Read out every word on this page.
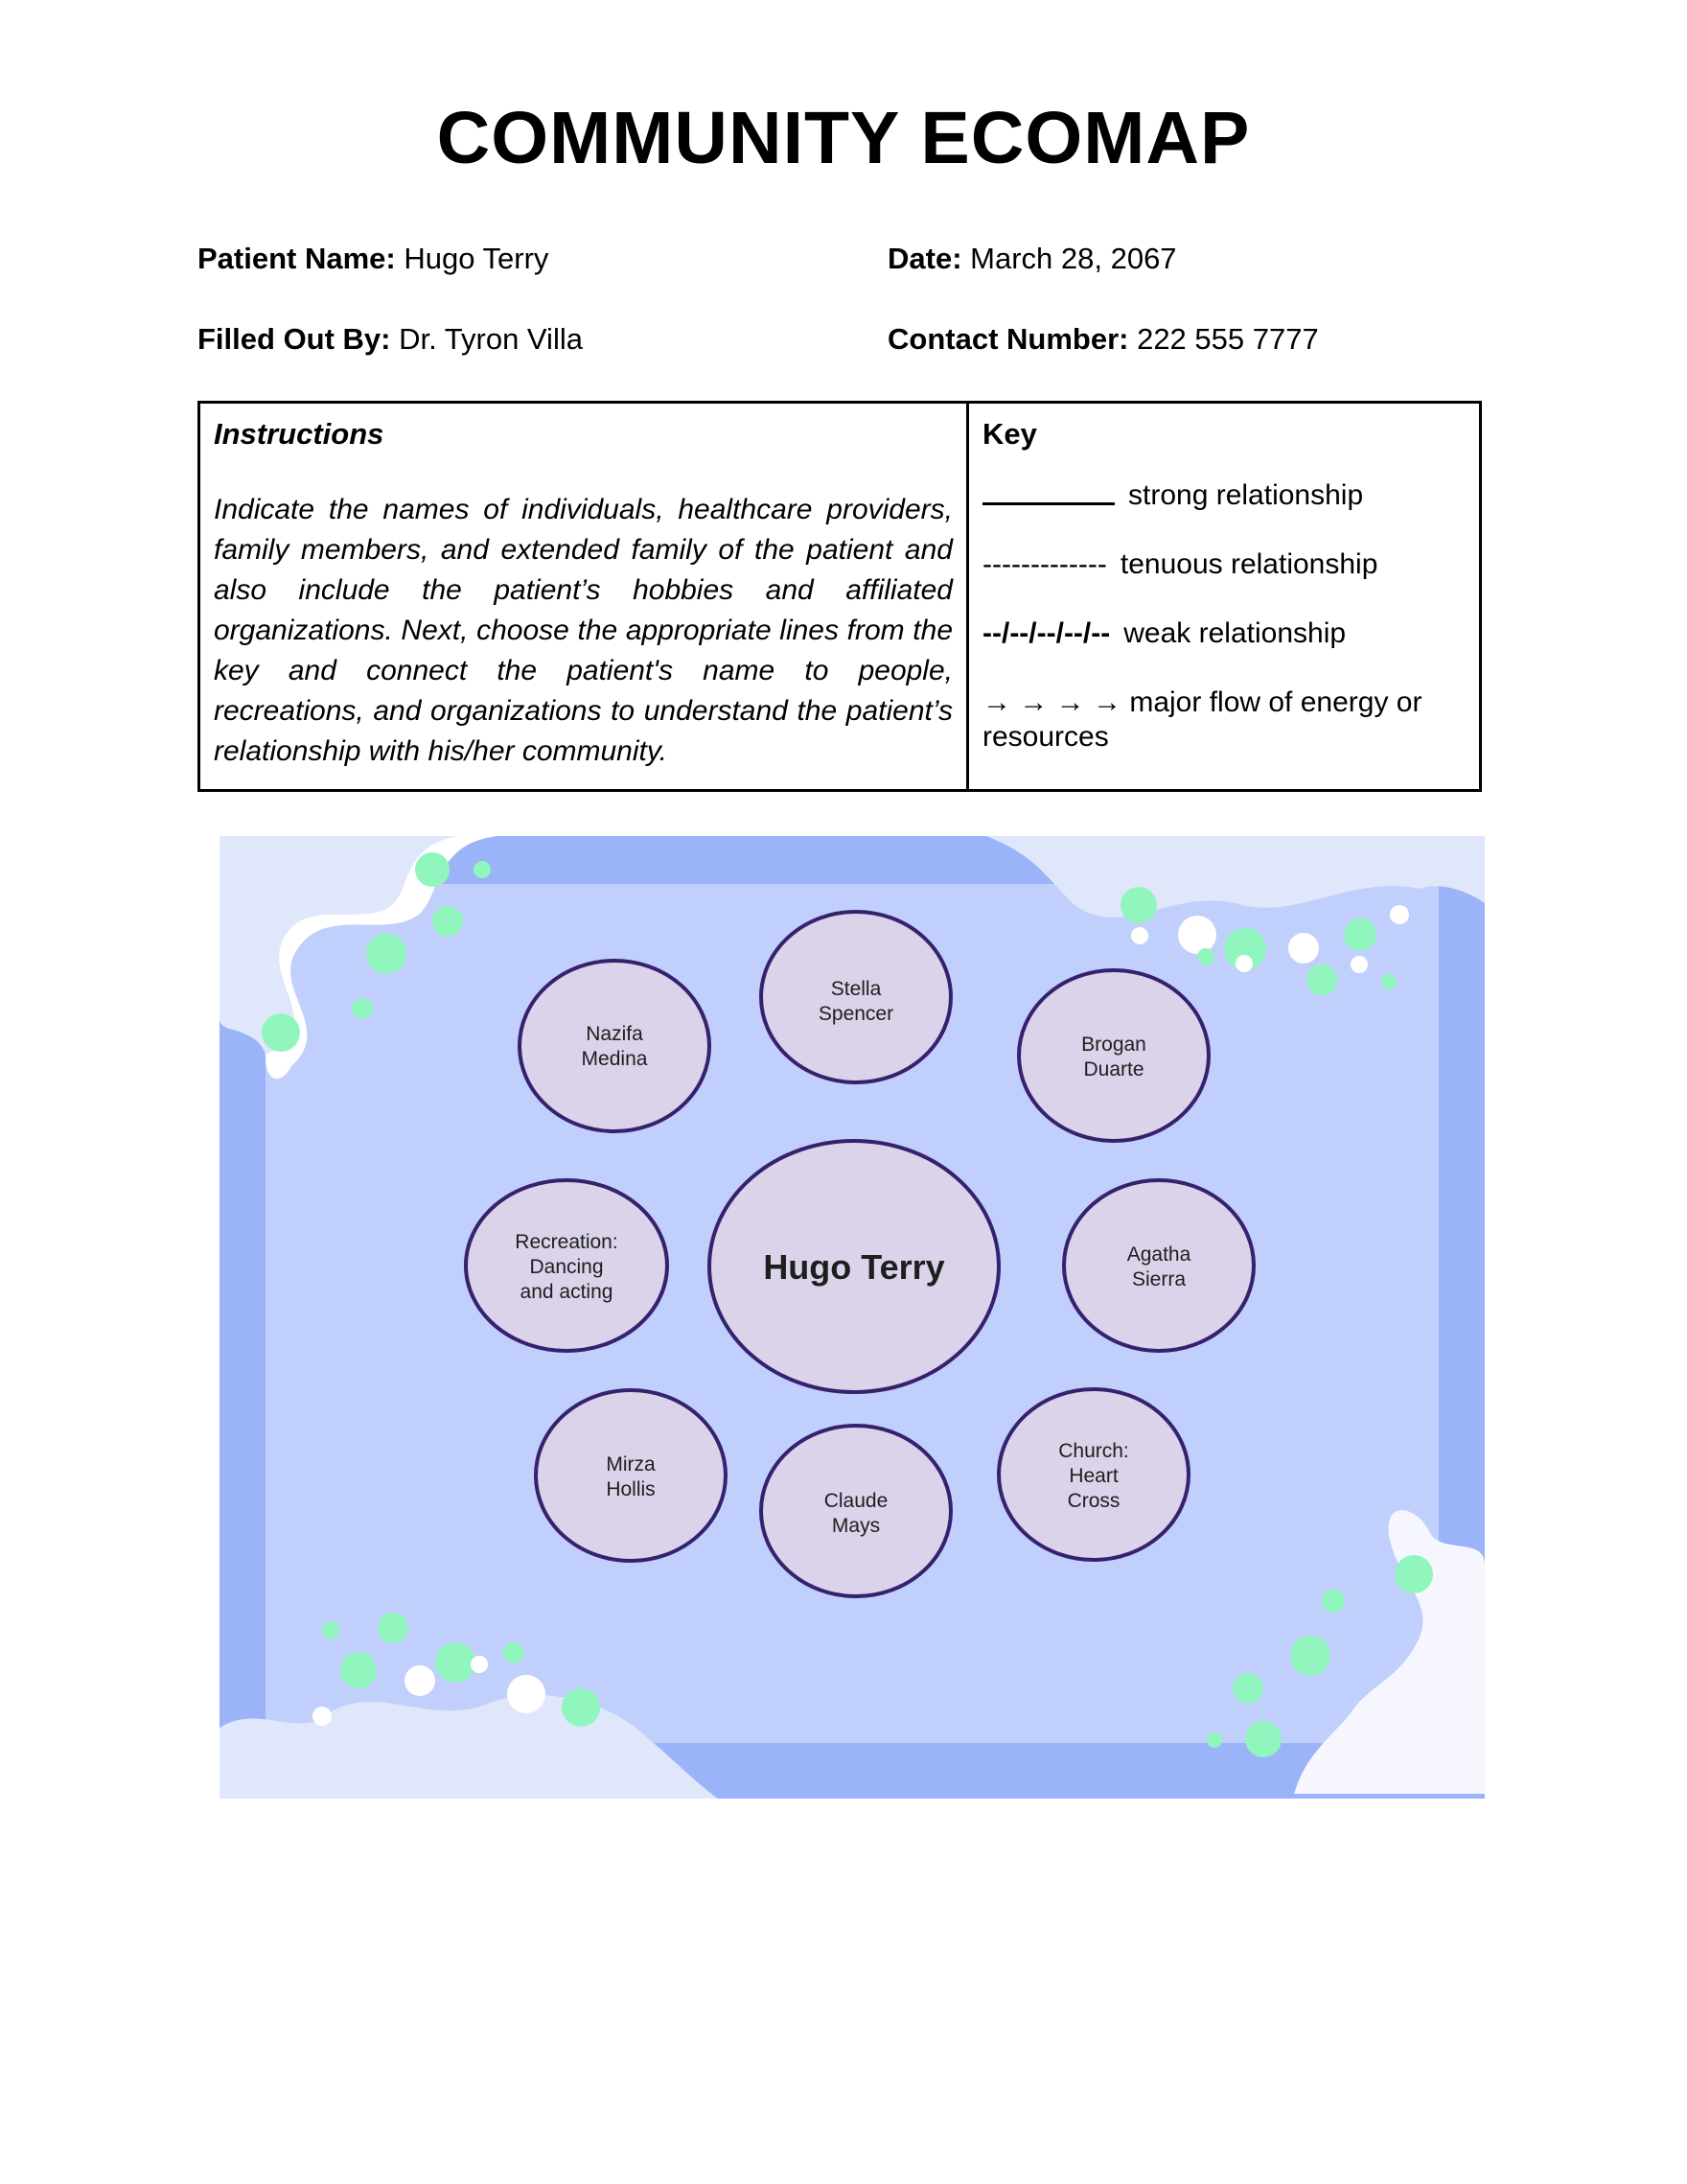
COMMUNITY ECOMAP
Patient Name: Hugo Terry	Date: March 28, 2067
Filled Out By: Dr. Tyron Villa	Contact Number: 222 555 7777

Instructions

Indicate the names of individuals, healthcare providers, family members, and extended family of the patient and also include the patient’s hobbies and affiliated organizations. Next, choose the appropriate lines from the key and connect the patient's name to people, recreations, and organizations to understand the patient’s relationship with his/her community.

Key

strong relationship
------------- tenuous relationship
--/--/--/--/-- weak relationship
→ → → → major flow of energy or resources
Stella
Spencer
Nazifa
Medina
Brogan
Duarte
Recreation:
Dancing
and acting
Hugo Terry	Agatha
Sierra
Mirza
Hollis
Claude
Mays
Church:
Heart
Cross
